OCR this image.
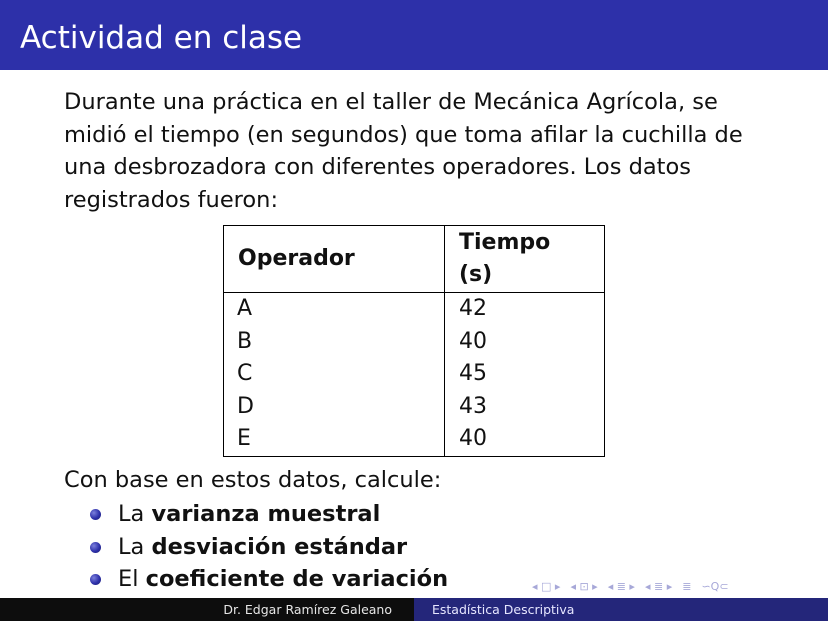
Actividad en clase
Durante una práctica en el taller de Mecánica Agrícola, se
midió el tiempo (en segundos) que toma afilar la cuchilla de
una desbrozadora con diferentes operadores. Los datos
registrados fueron:
Operador	Tiempo
(s)

A	42
B	40
C	45
D	43
E	40
Con base en estos datos, calcule:
La varianza muestral
La desviación estándar
El coeficiente de variación	◂ □ ▸ ◂ ⊡ ▸ ◂ ≣ ▸ ◂ ≣ ▸ ≣ ∽Q⊂
Dr. Edgar Ramírez Galeano	Estadística Descriptiva
